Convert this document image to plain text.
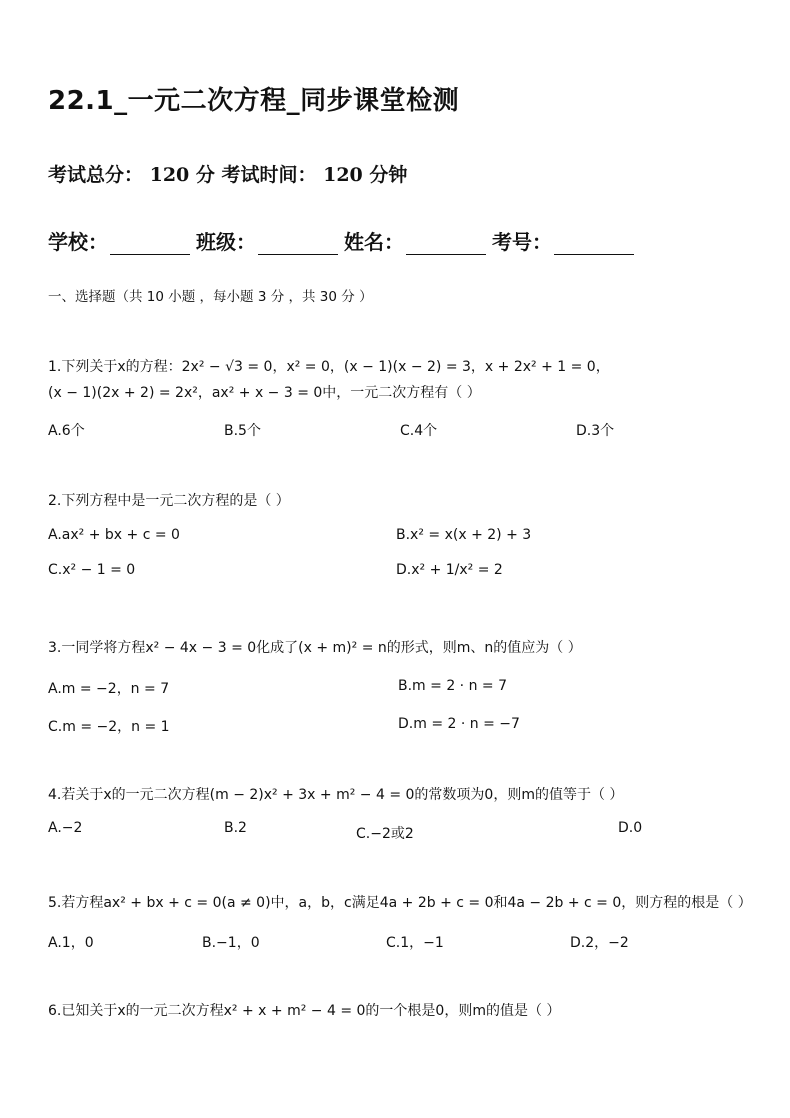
22.1_一元二次方程_同步课堂检测
考试总分： 120 分 考试时间： 120 分钟
学校：	班级：	姓名：	考号：
一、选择题（共 10 小题 ，每小题 3 分 ，共 30 分 ）
1.下列关于x的方程：2x² − √3 = 0，x² = 0，(x − 1)(x − 2) = 3，x + 2x² + 1 = 0，
(x − 1)(2x + 2) = 2x²，ax² + x − 3 = 0中，一元二次方程有（ ）
A.6个	B.5个	C.4个	D.3个
2.下列方程中是一元二次方程的是（ ）
A.ax² + bx + c = 0	B.x² = x(x + 2) + 3
C.x² − 1 = 0	D.x² + 1/x² = 2
3.一同学将方程x² − 4x − 3 = 0化成了(x + m)² = n的形式，则m、n的值应为（ ）
A.m = −2，n = 7	B.m = 2 · n = 7
C.m = −2，n = 1	D.m = 2 · n = −7
4.若关于x的一元二次方程(m − 2)x² + 3x + m² − 4 = 0的常数项为0，则m的值等于（ ）
A.−2	B.2	C.−2或2	D.0
5.若方程ax² + bx + c = 0(a ≠ 0)中，a，b，c满足4a + 2b + c = 0和4a − 2b + c = 0，则方程的根是（ ）
A.1，0	B.−1，0	C.1，−1	D.2，−2
6.已知关于x的一元二次方程x² + x + m² − 4 = 0的一个根是0，则m的值是（ ）
